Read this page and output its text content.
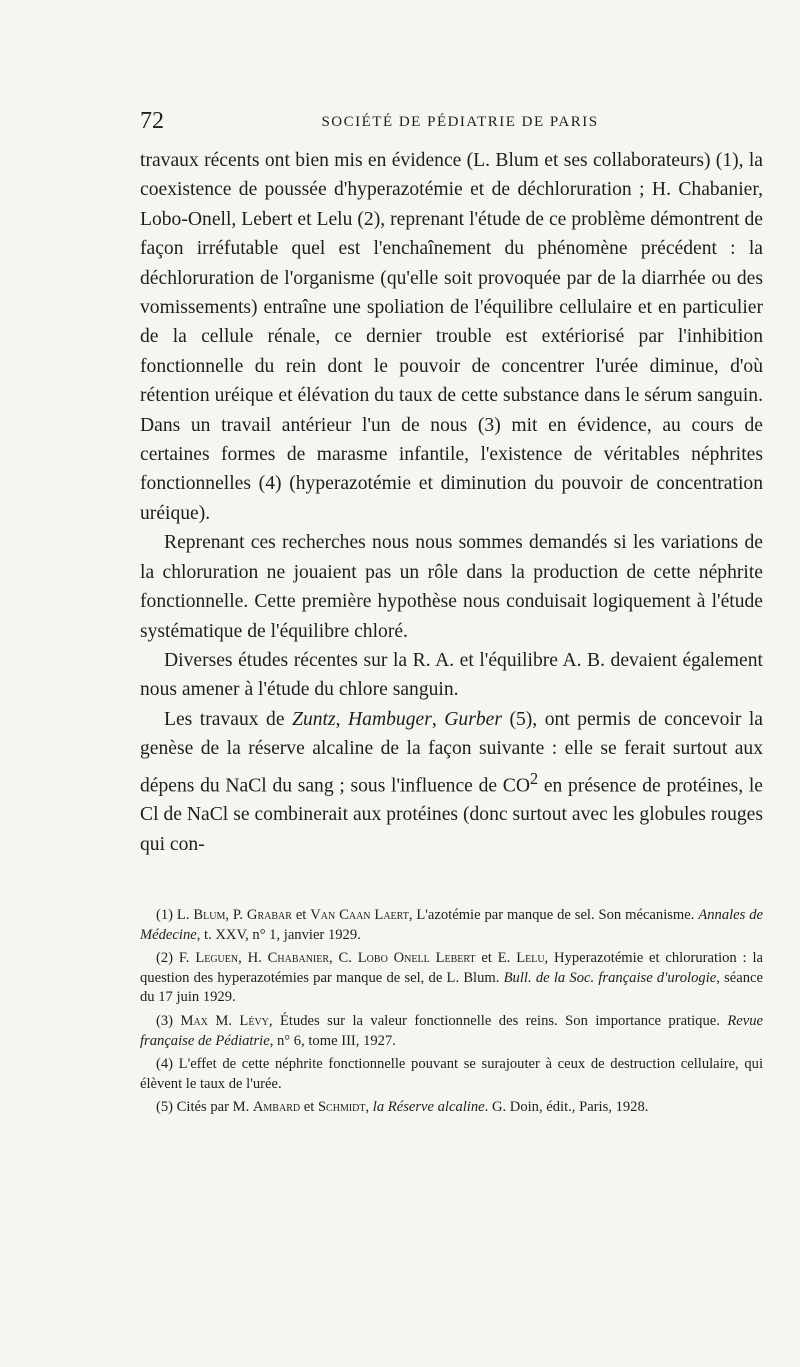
72	SOCIÉTÉ DE PÉDIATRIE DE PARIS

travaux récents ont bien mis en évidence (L. Blum et ses collaborateurs) (1), la coexistence de poussée d'hyperazotémie et de déchloruration ; H. Chabanier, Lobo-Onell, Lebert et Lelu (2), reprenant l'étude de ce problème démontrent de façon irréfutable quel est l'enchaînement du phénomène précédent : la déchloruration de l'organisme (qu'elle soit provoquée par de la diarrhée ou des vomissements) entraîne une spoliation de l'équilibre cellulaire et en particulier de la cellule rénale, ce dernier trouble est extériorisé par l'inhibition fonctionnelle du rein dont le pouvoir de concentrer l'urée diminue, d'où rétention uréique et élévation du taux de cette substance dans le sérum sanguin. Dans un travail antérieur l'un de nous (3) mit en évidence, au cours de certaines formes de marasme infantile, l'existence de véritables néphrites fonctionnelles (4) (hyperazotémie et diminution du pouvoir de concentration uréique).

Reprenant ces recherches nous nous sommes demandés si les variations de la chloruration ne jouaient pas un rôle dans la production de cette néphrite fonctionnelle. Cette première hypothèse nous conduisait logiquement à l'étude systématique de l'équilibre chloré.

Diverses études récentes sur la R. A. et l'équilibre A. B. devaient également nous amener à l'étude du chlore sanguin.

Les travaux de Zuntz, Hambuger, Gurber (5), ont permis de concevoir la genèse de la réserve alcaline de la façon suivante : elle se ferait surtout aux dépens du NaCl du sang ; sous l'influence de $CO^2$ en présence de protéines, le Cl de NaCl se combinerait aux protéines (donc surtout avec les globules rouges qui con-

(1) L. Blum, P. Grabar et Van Caan Laert, L'azotémie par manque de sel. Son mécanisme. Annales de Médecine, t. XXV, n° 1, janvier 1929.

(2) F. Leguen, H. Chabanier, C. Lobo Onell Lebert et E. Lelu, Hyperazotémie et chloruration : la question des hyperazotémies par manque de sel, de L. Blum. Bull. de la Soc. française d'urologie, séance du 17 juin 1929.

(3) Max M. Lévy, Études sur la valeur fonctionnelle des reins. Son importance pratique. Revue française de Pédiatrie, n° 6, tome III, 1927.

(4) L'effet de cette néphrite fonctionnelle pouvant se surajouter à ceux de destruction cellulaire, qui élèvent le taux de l'urée.

(5) Cités par M. Ambard et Schmidt, la Réserve alcaline. G. Doin, édit., Paris, 1928.
